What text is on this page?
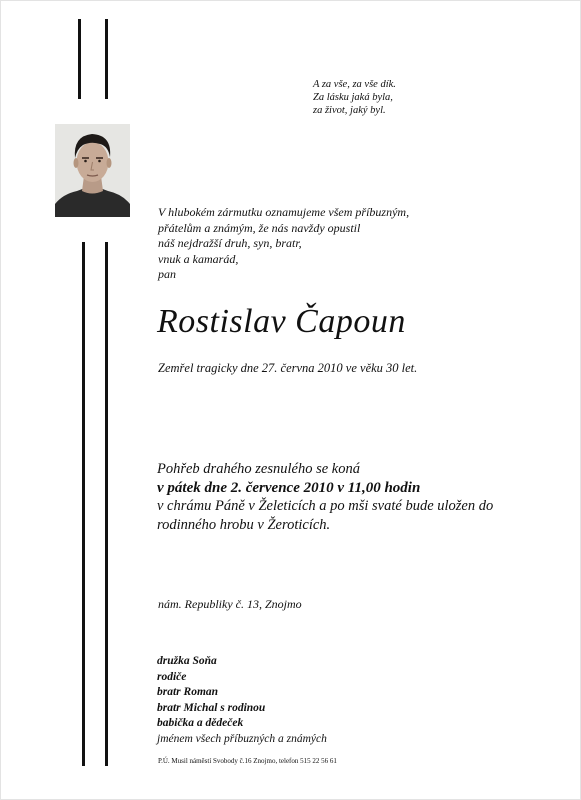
A za vše, za vše dík.
Za lásku jaká byla,
za život, jaký byl.
V hlubokém zármutku oznamujeme všem příbuzným,
přátelům a známým, že nás navždy opustil
náš nejdražší druh, syn, bratr,
vnuk a kamarád,
pan
Rostislav Čapoun
Zemřel tragicky dne 27. června 2010 ve věku 30 let.
Pohřeb drahého zesnulého se koná
v pátek dne 2. července 2010 v 11,00 hodin
v chrámu Páně v Želeticích a po mši svaté bude uložen do
rodinného hrobu v Žeroticích.
nám. Republiky č. 13, Znojmo
družka Soňa
rodiče
bratr Roman
bratr Michal s rodinou
babička a dědeček
jménem všech příbuzných a známých
P.Ú. Musil náměstí Svobody č.16 Znojmo, telefon 515 22 56 61
